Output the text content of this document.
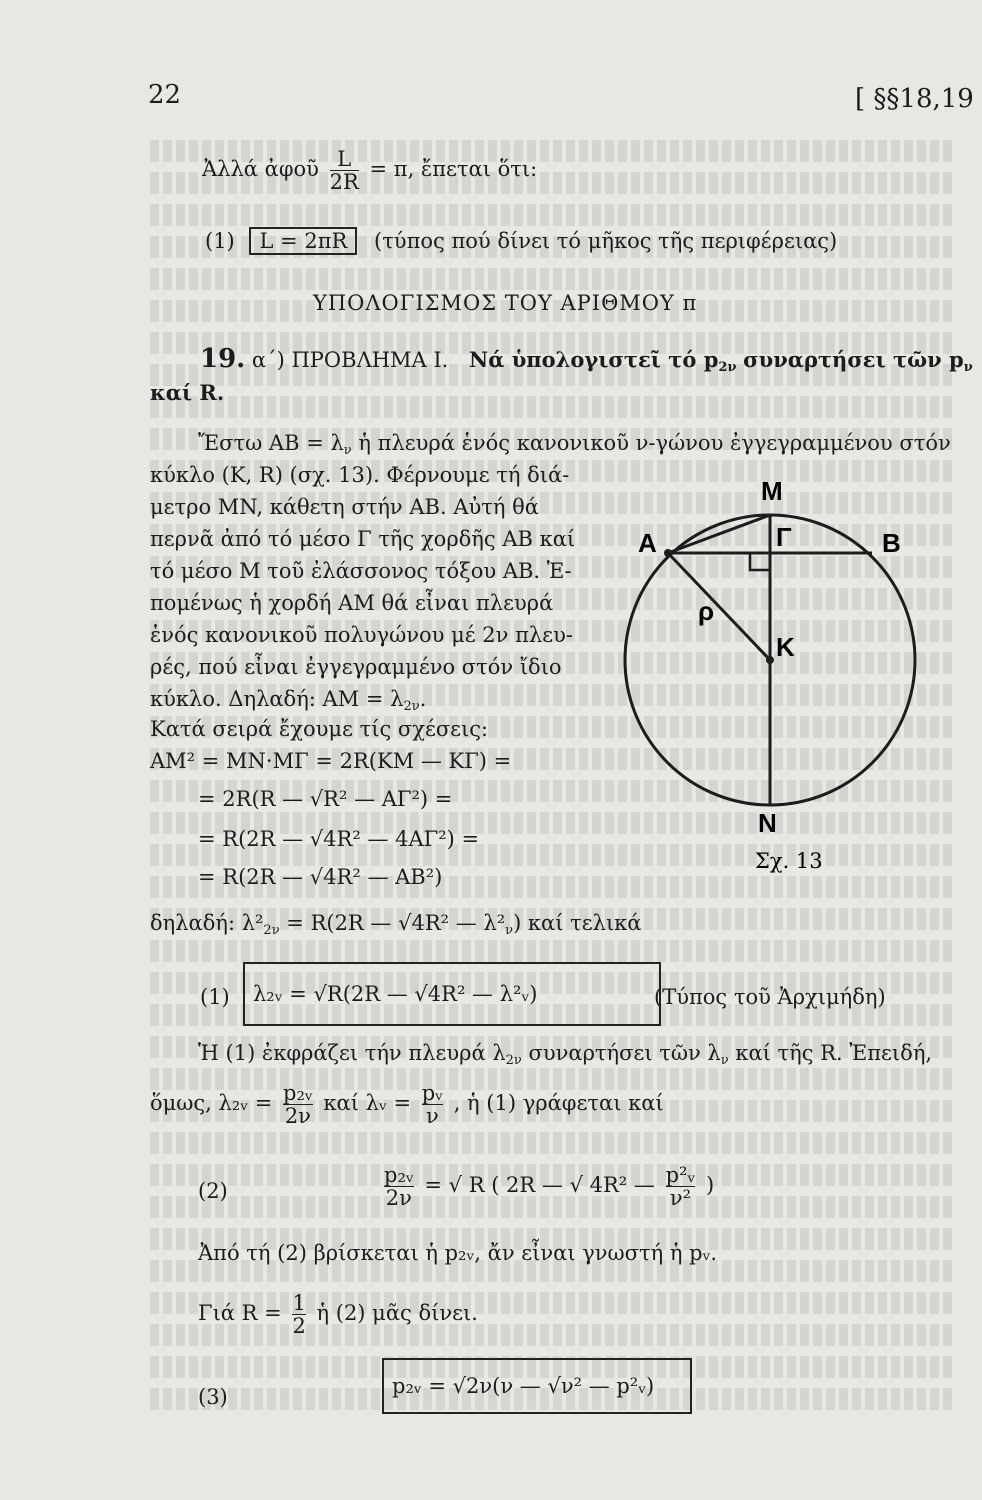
22	[ §§18,19
Ἀλλά ἀφοῦ $\frac{L}{2R} = \pi$, ἔπεται ὅτι:
(1) L = 2πR (τύπος πού δίνει τό μῆκος τῆς περιφέρειας)
ΥΠΟΛΟΓΙΣΜΟΣ ΤΟΥ ΑΡΙΘΜΟΥ π
19. α΄) ΠΡΟΒΛΗΜΑ Ι. Νά ὑπολογιστεῖ τό $p_{2\nu}$ συναρτήσει τῶν $p_\nu$
καί R.
Ἔστω AB = $\lambda_\nu$ ἡ πλευρά ἑνός κανονικοῦ ν-γώνου ἐγγεγραμμένου στόν
κύκλο (K, R) (σχ. 13). Φέρνουμε τή διά-
μετρο MN, κάθετη στήν AB. Αὐτή θά
περνᾶ ἀπό τό μέσο Γ τῆς χορδῆς AB καί
τό μέσο M τοῦ ἐλάσσονος τόξου AB. Ἑ-
πομένως ἡ χορδή AM θά εἶναι πλευρά
ἑνός κανονικοῦ πολυγώνου μέ 2ν πλευ-
ρές, πού εἶναι ἐγγεγραμμένο στόν ἴδιο
κύκλο. Δηλαδή: AM = $\lambda_{2\nu}$.
Κατά σειρά ἔχουμε τίς σχέσεις:
AM² = MN·MΓ = 2R(KM — KΓ) =
= 2R(R — √R² — AΓ²) =
= R(2R — √4R² — 4AΓ²) =
= R(2R — √4R² — AB²)
δηλαδή: $\lambda^2_{2\nu} = R(2R$ — √4R² — $\lambda^2_\nu$) καί τελικά
(1)	λ₂ᵥ = √R(2R — √4R² — λ²ᵥ)	(Τύπος τοῦ Ἀρχιμήδη)
Ἡ (1) ἐκφράζει τήν πλευρά $\lambda_{2\nu}$ συναρτήσει τῶν $\lambda_\nu$ καί τῆς R. Ἐπειδή,
ὅμως, λ₂ᵥ = $\frac{\text{p₂ᵥ}}{2\nu}$ καί λᵥ = $\frac{\text{pᵥ}}{\nu}$ , ἡ (1) γράφεται καί
(2)	$\frac{\text{p₂ᵥ}}{2\nu}$ = √ R ( 2R — √ 4R² — $\frac{\text{p²ᵥ}}{\text{ν²}}$ )
Ἀπό τή (2) βρίσκεται ἡ p₂ᵥ, ἄν εἶναι γνωστή ἡ pᵥ.
Γιά $R = \frac{1}{2}$ ἡ (2) μᾶς δίνει.
(3)	p₂ᵥ = √2ν(ν — √ν² — p²ᵥ)
M
A	B
Γ
K
ρ
N
Σχ. 13
